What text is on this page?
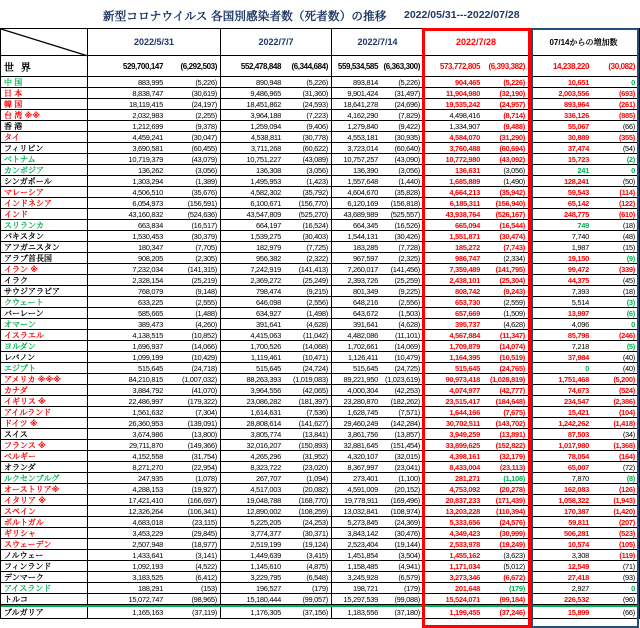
新型コロナウイルス 各国別感染者数（死者数）の推移 2022/05/31---2022/07/28
2022/5/31	2022/7/7	2022/7/14	2022/7/28	07/14からの増加数
世 界	529,700,147	(6,292,503)	552,478,848	(6,344,684)	559,534,585 (6,363,300)	573,772,805	(6,393,382)	14,238,220	(30,082)
中 国	883,995	(5,226)	890,948	(5,226)	893,814	(5,226)	904,465	(5,226)	10,651	0
日 本	8,838,747	(30,619)	9,486,965	(31,360)	9,901,424	(31,497)	11,904,980	(32,190)	2,003,556	(693)
韓 国	18,119,415	(24,197)	18,451,862	(24,593)	18,641,278	(24,696)	19,535,242	(24,957)	893,964	(261)
台 湾 ※※	2,032,983	(2,255)	3,964,188	(7,223)	4,162,290	(7,829)	4,498,416	(8,714)	336,126	(885)
香 港	1,212,699	(9,378)	1,259,094	(9,406)	1,279,840	(9,422)	1,334,907	(9,488)	55,067	(66)
タイ	4,459,241	(30,047)	4,538,811	(30,778)	4,553,181	(30,935)	4,584,070	(31,290)	30,889	(355)
フィリピン	3,690,581	(60,455)	3,711,268	(60,622)	3,723,014	(60,640)	3,760,488	(60,694)	37,474	(54)
ベトナム	10,719,379	(43,079)	10,751,227	(43,089)	10,757,257	(43,090)	10,772,980	(43,092)	15,723	(2)
カンボジア	136,262	(3,056)	136,308	(3,056)	136,390	(3,056)	136,631	(3,056)	241	0
シンガポール	1,303,294	(1,389)	1,495,953	(1,423)	1,557,648	(1,440)	1,685,889	(1,490)	128,241	(50)
マレーシア	4,506,510	(35,676)	4,582,302	(35,792)	4,604,670	(35,828)	4,664,213	(35,942)	59,543	(114)
インドネシア	6,054,973	(156,591)	6,100,671	(156,770)	6,120,169	(156,818)	6,185,311	(156,940)	65,142	(122)
インド	43,160,832	(524,636)	43,547,809	(525,270)	43,689,989	(525,557)	43,938,764	(526,167)	248,775	(610)
スリランカ	663,834	(16,517)	664,197	(16,524)	664,345	(16,526)	665,094	(16,544)	749	(18)
パキスタン	1,530,453	(30,379)	1,539,275	(30,403)	1,544,131	(30,426)	1,551,871	(30,474)	7,740	(48)
アフガニスタン	180,347	(7,705)	182,979	(7,725)	183,285	(7,728)	185,272	(7,743)	1,987	(15)
アラブ首長国	908,205	(2,305)	956,382	(2,322)	967,597	(2,325)	986,747	(2,334)	19,150	(9)
イラン ※	7,232,034	(141,315)	7,242,919	(141,413)	7,260,017	(141,456)	7,359,489	(141,795)	99,472	(339)
イラク	2,328,154	(25,219)	2,369,272	(25,249)	2,393,726	(25,259)	2,438,101	(25,304)	44,375	(45)
サウジアラビア	768,079	(9,148)	798,474	(9,215)	801,349	(9,225)	808,742	(9,243)	7,393	(18)
クウェート	633,225	(2,555)	646,098	(2,556)	648,216	(2,556)	653,730	(2,559)	5,514	(3)
バーレーン	585,665	(1,488)	634,927	(1,498)	643,672	(1,503)	657,669	(1,509)	13,997	(6)
オマーン	389,473	(4,260)	391,641	(4,628)	391,641	(4,628)	395,737	(4,628)	4,096	0
イスラエル	4,138,515	(10,852)	4,415,063	(11,042)	4,482,086	(11,101)	4,567,884	(11,347)	85,798	(246)
ヨルダン	1,696,937	(14,066)	1,700,526	(14,068)	1,702,661	(14,069)	1,709,879	(14,074)	7,218	(5)
レバノン	1,099,199	(10,429)	1,119,461	(10,471)	1,126,411	(10,479)	1,164,395	(10,519)	37,984	(40)
エジプト	515,645	(24,718)	515,645	(24,724)	515,645	(24,725)	515,645	(24,765)	0	(40)
アメリカ ※※※	84,210,815	(1,007,032)	88,263,393	(1,019,083)	89,221,950 (1,023,619)	90,973,418	(1,028,819)	1,751,468	(5,200)
カナダ	3,884,792	(41,070)	3,964,556	(42,065)	4,000,304	(42,253)	4,074,977	(42,777)	74,673	(524)
イギリス ※	22,486,997	(179,322)	23,086,282	(181,397)	23,280,870	(182,262)	23,515,417	(184,648)	234,547	(2,386)
アイルランド	1,561,632	(7,304)	1,614,631	(7,536)	1,628,745	(7,571)	1,644,166	(7,675)	15,421	(104)
ドイツ ※	26,360,953	(139,091)	28,808,614	(141,627)	29,460,249	(142,284)	30,702,511	(143,702)	1,242,262	(1,418)
スイス	3,674,986	(13,800)	3,805,774	(13,841)	3,861,756	(13,857)	3,949,259	(13,891)	87,503	(34)
フランス ※	29,711,870	(149,366)	32,016,207	(150,893)	32,881,645	(151,454)	33,899,625	(152,822)	1,017,980	(1,368)
ベルギー	4,152,558	(31,754)	4,265,296	(31,952)	4,320,107	(32,015)	4,398,161	(32,179)	78,054	(164)
オランダ	8,271,270	(22,954)	8,323,722	(23,020)	8,367,997	(23,041)	8,433,004	(23,113)	65,007	(72)
ルクセンブルグ	247,935	(1,078)	267,707	(1,094)	273,401	(1,100)	281,271	(1,108)	7,870	(8)
オーストリア※	4,288,153	(19,927)	4,517,003	(20,082)	4,591,009	(20,152)	4,753,092	(20,278)	162,083	(126)
イタリア ※	17,421,410	(166,697)	19,048,788	(168,770)	19,778,911	(169,496)	20,837,233	(171,439)	1,058,322	(1,943)
スペイン	12,326,264	(106,341)	12,890,002	(108,259)	13,032,841	(108,974)	13,203,228	(110,394)	170,387	(1,420)
ポルトガル	4,683,018	(23,115)	5,225,205	(24,253)	5,273,845	(24,369)	5,333,656	(24,576)	59,811	(207)
ギリシャ	3,453,229	(29,845)	3,774,377	(30,371)	3,843,142	(30,476)	4,349,423	(30,999)	506,281	(523)
スウェーデン	2,507,948	(18,977)	2,519,199	(19,124)	2,523,404	(19,144)	2,533,978	(19,249)	10,574	(105)
ノルウェー	1,433,641	(3,141)	1,449,639	(3,415)	1,451,854	(3,504)	1,455,162	(3,623)	3,308	(119)
フィンランド	1,092,193	(4,522)	1,145,610	(4,875)	1,158,485	(4,941)	1,171,034	(5,012)	12,549	(71)
デンマーク	3,183,525	(6,412)	3,229,795	(6,548)	3,245,928	(6,579)	3,273,346	(6,672)	27,418	(93)
アイスランド	188,291	(153)	196,527	(179)	198,721	(179)	201,648	(179)	2,927	0
トルコ	15,072,747	(98,965)	15,180,444	(99,057)	15,297,539	(99,088)	15,524,071	(99,184)	226,532	(96)
ブルガリア	1,165,163	(37,119)	1,176,305	(37,156)	1,183,556	(37,180)	1,199,455	(37,246)	15,899	(66)
